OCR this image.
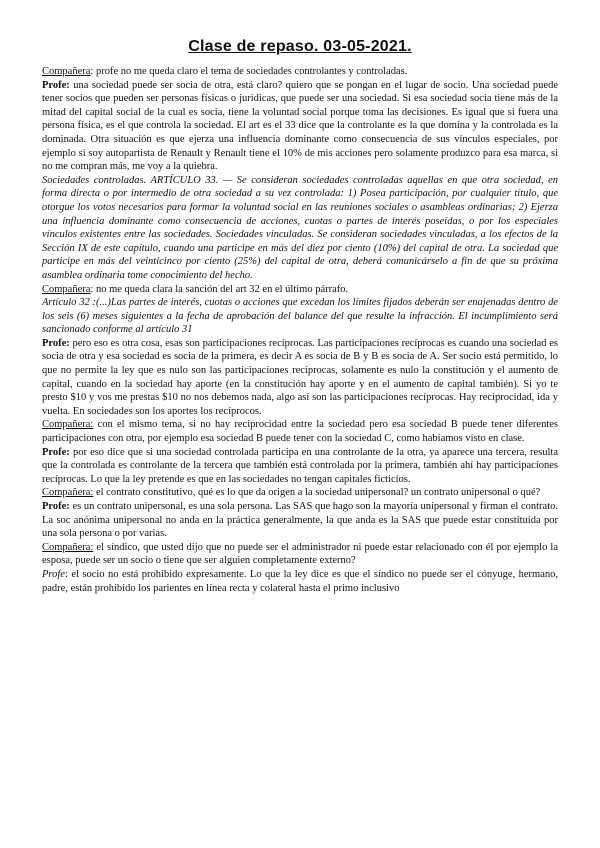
Clase de repaso. 03-05-2021.

Compañera: profe no me queda claro el tema de sociedades controlantes y controladas.

Profe: una sociedad puede ser socia de otra, está claro? quiero que se pongan en el lugar de socio. Una sociedad puede tener socios que pueden ser personas físicas o jurídicas, que puede ser una sociedad. Si esa sociedad socia tiene más de la mitad del capital social de la cual es socia, tiene la voluntad social porque toma las decisiones. Es igual que si fuera una persona física, es el que controla la sociedad. El art es el 33 dice que la controlante es la que domina y la controlada es la dominada. Otra situación es que ejerza una influencia dominante como consecuencia de sus vínculos especiales, por ejemplo si soy autopartista de Renault y Renault tiene el 10% de mis acciones pero solamente produzco para esa marca, si no me compran más, me voy a la quiebra.

Sociedades controladas. ARTÍCULO 33. — Se consideran sociedades controladas aquellas en que otra sociedad, en forma directa o por intermedio de otra sociedad a su vez controlada: 1) Posea participación, por cualquier título, que otorgue los votos necesarios para formar la voluntad social en las reuniones sociales o asambleas ordinarias; 2) Ejerza una influencia dominante como consecuencia de acciones, cuotas o partes de interés poseídas, o por los especiales vínculos existentes entre las sociedades. Sociedades vinculadas. Se consideran sociedades vinculadas, a los efectos de la Sección IX de este capítulo, cuando una participe en más del diez por ciento (10%) del capital de otra. La sociedad que participe en más del veinticinco por ciento (25%) del capital de otra, deberá comunicárselo a fin de que su próxima asamblea ordinaria tome conocimiento del hecho.

Compañera: no me queda clara la sanción del art 32 en el último párrafo.

Artículo 32 :(...)Las partes de interés, cuotas o acciones que excedan los límites fijados deberán ser enajenadas dentro de los seis (6) meses siguientes a la fecha de aprobación del balance del que resulte la infracción. El incumplimiento será sancionado conforme al artículo 31

Profe: pero eso es otra cosa, esas son participaciones recíprocas. Las participaciones recíprocas es cuando una sociedad es socia de otra y esa sociedad es socia de la primera, es decir A es socia de B y B es socia de A. Ser socio está permitido, lo que no permite la ley que es nulo son las participaciones recíprocas, solamente es nulo la constitución y el aumento de capital, cuando en la sociedad hay aporte (en la constitución hay aporte y en el aumento de capital también). Si yo te presto $10 y vos me prestas $10 no nos debemos nada, algo así son las participaciones recíprocas. Hay reciprocidad, ida y vuelta. En sociedades son los aportes los recíprocos.

Compañera: con el mismo tema, si no hay reciprocidad entre la sociedad pero esa sociedad B puede tener diferentes participaciones con otra, por ejemplo esa sociedad B puede tener con la sociedad C, como habíamos visto en clase.

Profe: por eso dice que si una sociedad controlada participa en una controlante de la otra, ya aparece una tercera, resulta que la controlada es controlante de la tercera que también está controlada por la primera, también ahí hay participaciones recíprocas. Lo que la ley pretende es que en las sociedades no tengan capitales ficticios.

Compañera: el contrato constitutivo, qué es lo que da origen a la sociedad unipersonal? un contrato unipersonal o qué?

Profe: es un contrato unipersonal, es una sola persona. Las SAS que hago son la mayoría unipersonal y firman el contrato. La soc anónima unipersonal no anda en la práctica generalmente, la que anda es la SAS que puede estar constituida por una sola persona o por varias.

Compañera: el síndico, que usted dijo que no puede ser el administrador ni puede estar relacionado con él por ejemplo la esposa, puede ser un socio o tiene que ser alguien completamente externo?

Profe: el socio no está prohibido expresamente. Lo que la ley dice es que el síndico no puede ser el cónyuge, hermano, padre, están prohibido los parientes en línea recta y colateral hasta el primo inclusivo
